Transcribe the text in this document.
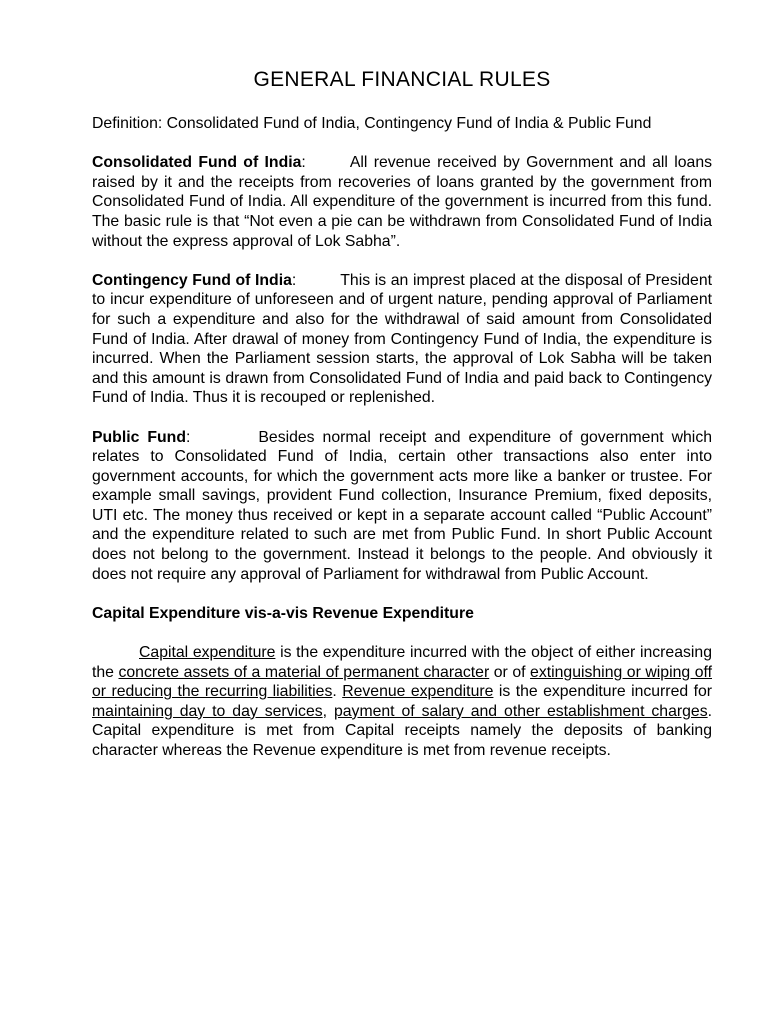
GENERAL FINANCIAL RULES

Definition: Consolidated Fund of India, Contingency Fund of India & Public Fund

Consolidated Fund of India:	All revenue received by Government and all loans raised by it and the receipts from recoveries of loans granted by the government from Consolidated Fund of India. All expenditure of the government is incurred from this fund. The basic rule is that “Not even a pie can be withdrawn from Consolidated Fund of India without the express approval of Lok Sabha”.

Contingency Fund of India:	This is an imprest placed at the disposal of President to incur expenditure of unforeseen and of urgent nature, pending approval of Parliament for such a expenditure and also for the withdrawal of said amount from Consolidated Fund of India. After drawal of money from Contingency Fund of India, the expenditure is incurred. When the Parliament session starts, the approval of Lok Sabha will be taken and this amount is drawn from Consolidated Fund of India and paid back to Contingency Fund of India. Thus it is recouped or replenished.

Public Fund:	Besides normal receipt and expenditure of government which relates to Consolidated Fund of India, certain other transactions also enter into government accounts, for which the government acts more like a banker or trustee. For example small savings, provident Fund collection, Insurance Premium, fixed deposits, UTI etc. The money thus received or kept in a separate account called “Public Account” and the expenditure related to such are met from Public Fund. In short Public Account does not belong to the government. Instead it belongs to the people. And obviously it does not require any approval of Parliament for withdrawal from Public Account.

Capital Expenditure vis-a-vis Revenue Expenditure

Capital expenditure is the expenditure incurred with the object of either increasing the concrete assets of a material of permanent character or of extinguishing or wiping off or reducing the recurring liabilities. Revenue expenditure is the expenditure incurred for maintaining day to day services, payment of salary and other establishment charges. Capital expenditure is met from Capital receipts namely the deposits of banking character whereas the Revenue expenditure is met from revenue receipts.
